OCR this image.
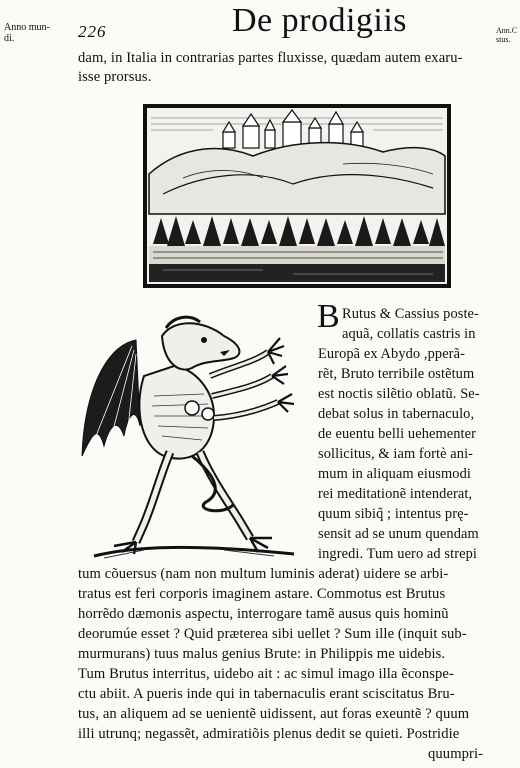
Anno mun-
di.	226	De prodigiis	Ann.C
stus.
dam, in Italia in contrarias partes fluxisse, quædam autem exaru-
isse prorsus.
B Rutus & Cassius poste-
aquã, collatis castris in
Europã ex Abydo ,pperã-
rẽt, Bruto terribile ostẽtum
est noctis silẽtio oblatũ. Se-
debat solus in tabernaculo,
de euentu belli uehementer
sollicitus, & iam fortè ani-
mum in aliquam eiusmodi
rei meditationẽ intenderat,
quum sibiq̃ ; intentus prę-
sensit ad se unum quendam
ingredi. Tum uero ad strepi
tum cõuersus (nam non multum luminis aderat) uidere se arbi-
tratus est feri corporis imaginem astare. Commotus est Brutus
horrẽdo dæmonis aspectu, interrogare tamẽ ausus quis hominũ
deorumúe esset ? Quid præterea sibi uellet ? Sum ille (inquit sub-
murmurans) tuus malus genius Brute: in Philippis me uidebis.
Tum Brutus interritus, uidebo ait : ac simul imago illa ẽconspe-
ctu abiit. A pueris inde qui in tabernaculis erant sciscitatus Bru-
tus, an aliquem ad se uenientẽ uidissent, aut foras exeuntẽ ? quum
illi utrunq; negassẽt, admiratiõis plenus dedit se quieti. Postridie
quumpri-
